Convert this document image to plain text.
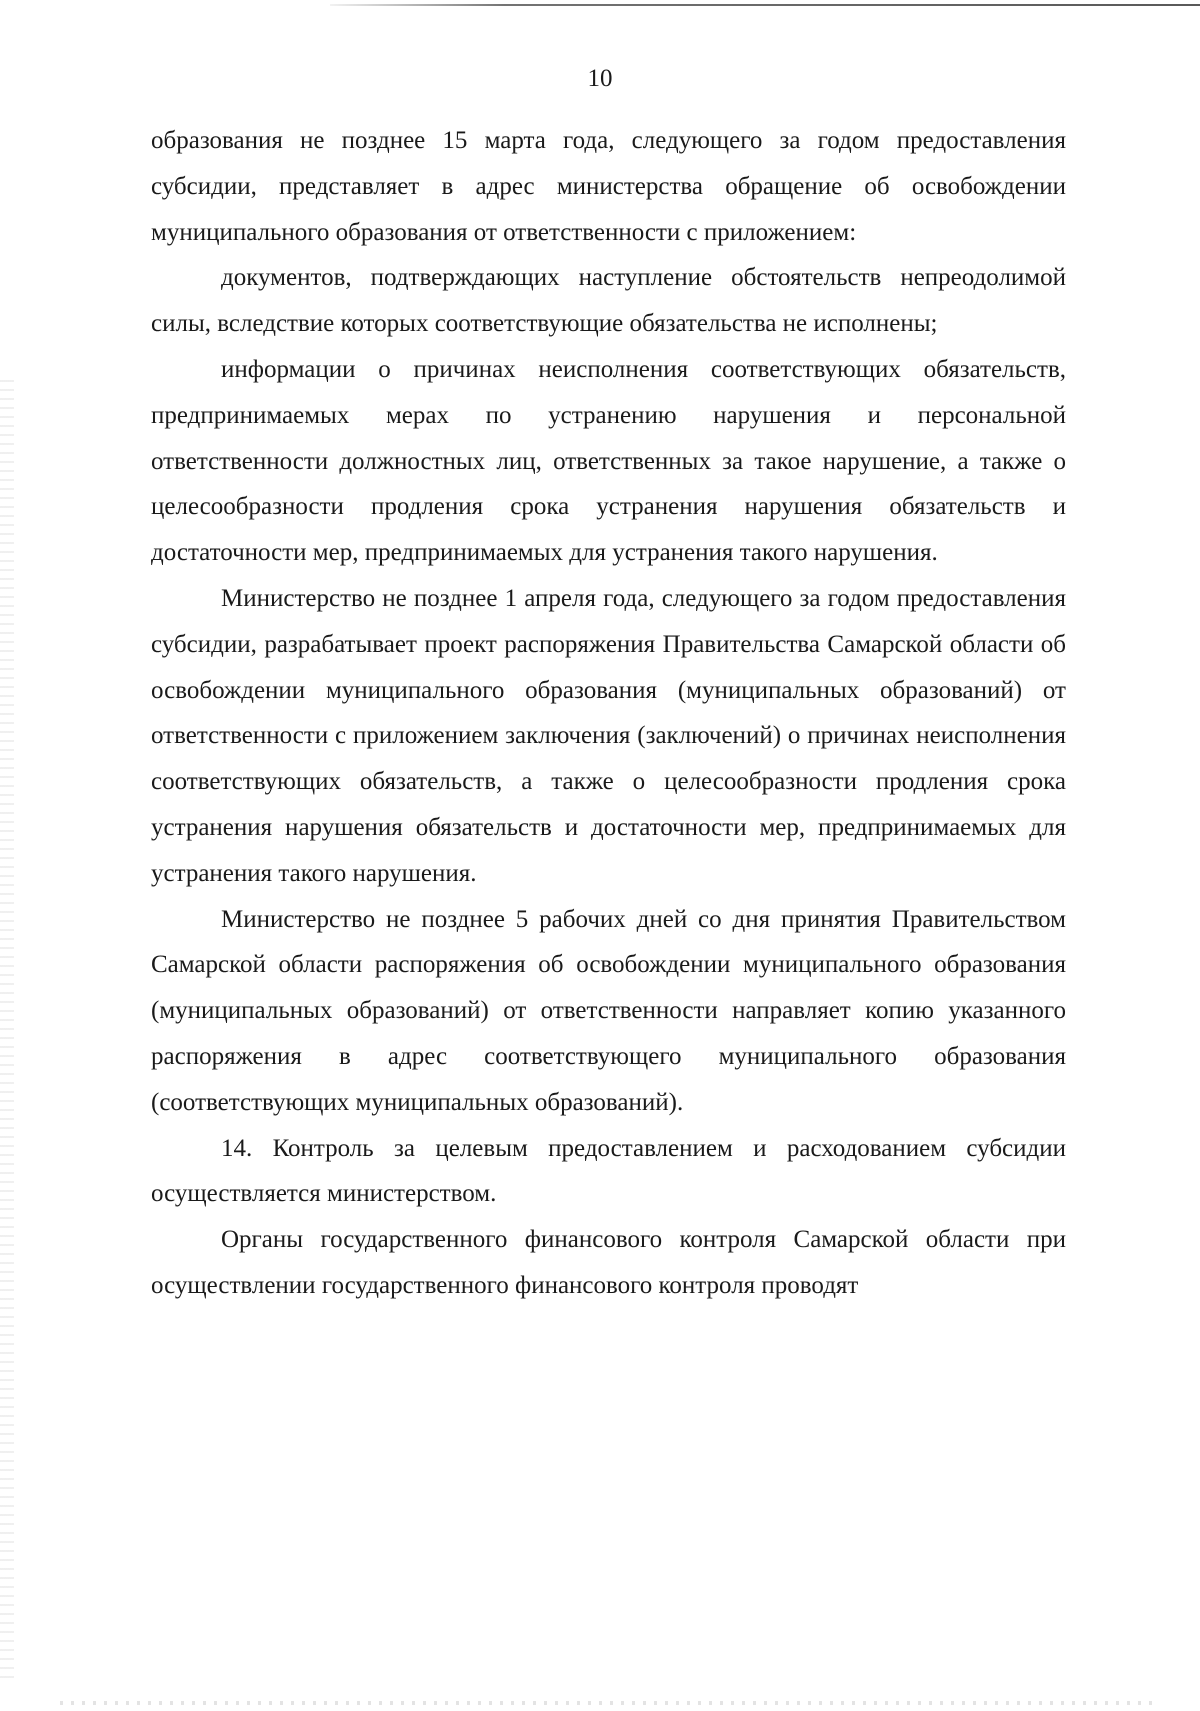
10

образования не позднее 15 марта года, следующего за годом предоставления субсидии, представляет в адрес министерства обращение об освобождении муниципального образования от ответственности с приложением:

документов, подтверждающих наступление обстоятельств непреодолимой силы, вследствие которых соответствующие обязательства не исполнены;

информации о причинах неисполнения соответствующих обязательств, предпринимаемых мерах по устранению нарушения и персональной ответственности должностных лиц, ответственных за такое нарушение, а также о целесообразности продления срока устранения нарушения обязательств и достаточности мер, предпринимаемых для устранения такого нарушения.

Министерство не позднее 1 апреля года, следующего за годом предоставления субсидии, разрабатывает проект распоряжения Правительства Самарской области об освобождении муниципального образования (муниципальных образований) от ответственности с приложением заключения (заключений) о причинах неисполнения соответствующих обязательств, а также о целесообразности продления срока устранения нарушения обязательств и достаточности мер, предпринимаемых для устранения такого нарушения.

Министерство не позднее 5 рабочих дней со дня принятия Правительством Самарской области распоряжения об освобождении муниципального образования (муниципальных образований) от ответственности направляет копию указанного распоряжения в адрес соответствующего муниципального образования (соответствующих муниципальных образований).

14. Контроль за целевым предоставлением и расходованием субсидии осуществляется министерством.

Органы государственного финансового контроля Самарской области при осуществлении государственного финансового контроля проводят
